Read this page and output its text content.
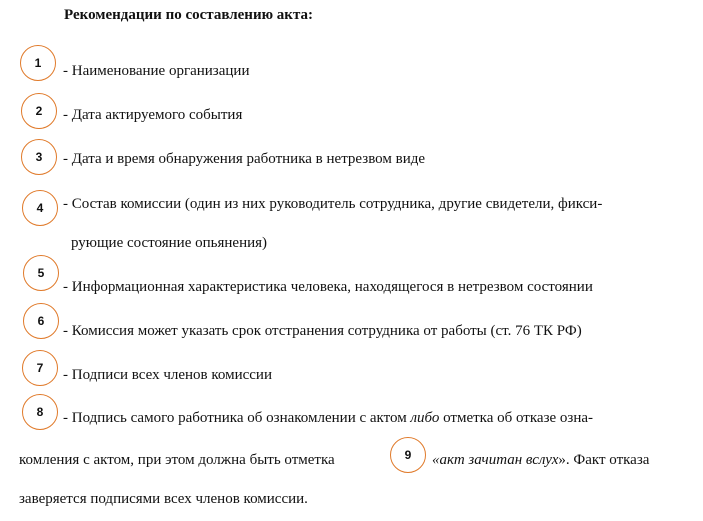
Рекомендации по составлению акта:
1	- Наименование организации
2	- Дата актируемого события
3	- Дата и время обнаружения работника в нетрезвом виде
4	- Состав комиссии (один из них руководитель сотрудника, другие свидетели, фикси-
рующие состояние опьянения)
5
- Информационная характеристика человека, находящегося в нетрезвом состоянии
6
- Комиссия может указать срок отстранения сотрудника от работы (ст. 76 ТК РФ)
7	- Подписи всех членов комиссии
8	- Подпись самого работника об ознакомлении с актом либо отметка об отказе озна-
комления с актом, при этом должна быть отметка	9	«акт зачитан вслух». Факт отказа
заверяется подписями всех членов комиссии.
